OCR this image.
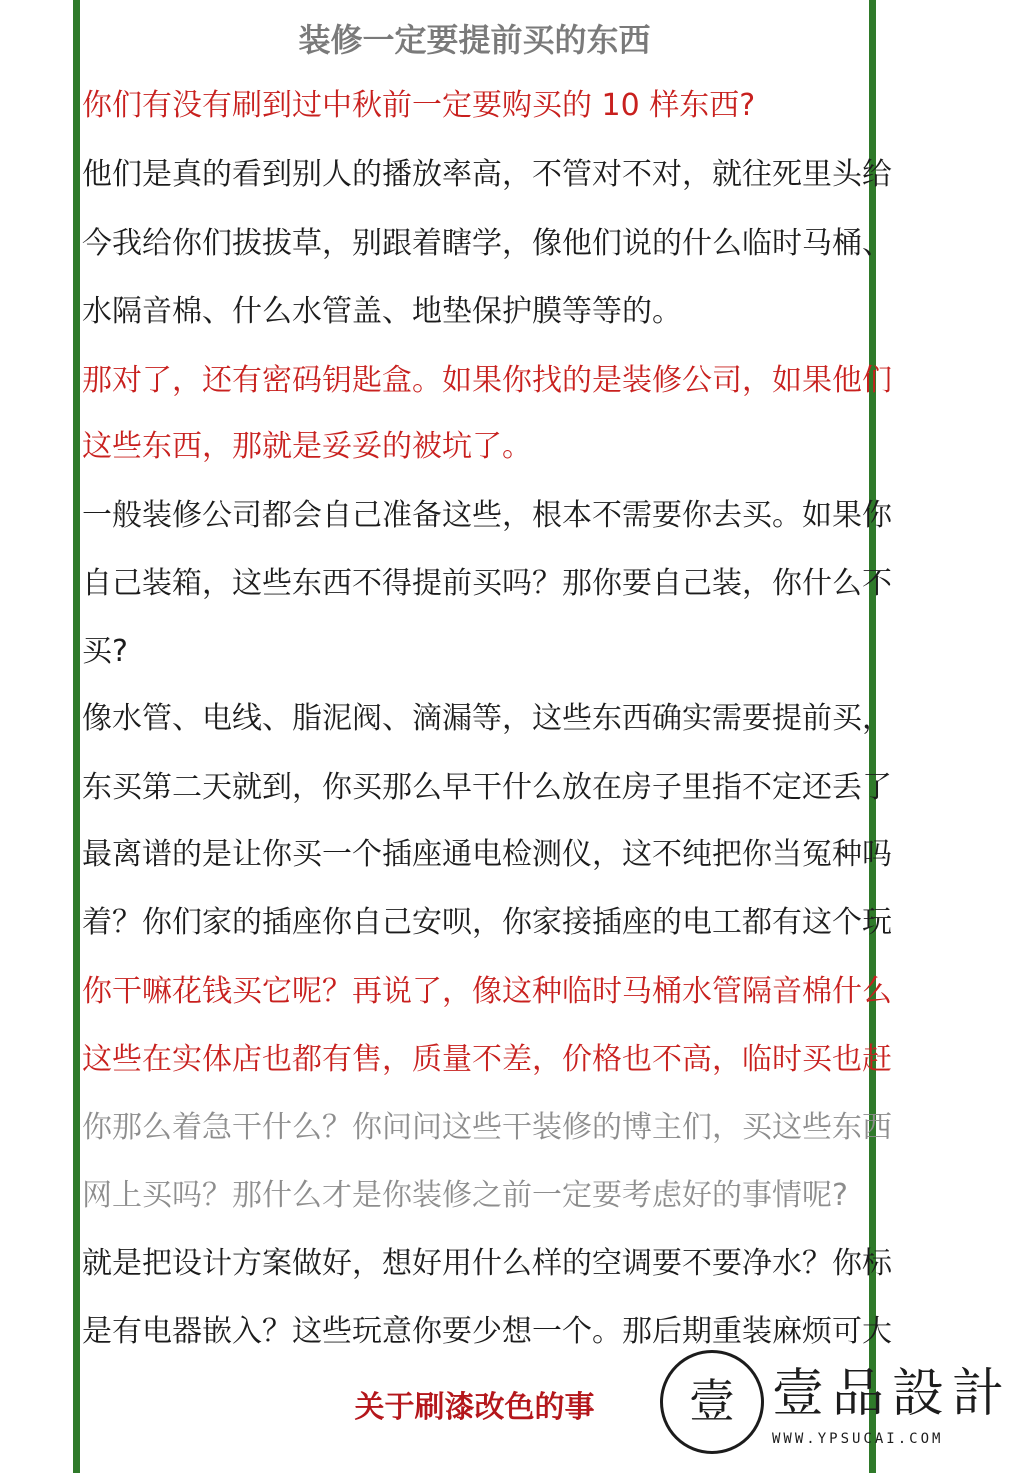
装修一定要提前买的东西
你们有没有刷到过中秋前一定要购买的 10 样东西?
他们是真的看到别人的播放率高，不管对不对，就往死里头给
今我给你们拔拔草，别跟着瞎学，像他们说的什么临时马桶、
水隔音棉、什么水管盖、地垫保护膜等等的。
那对了，还有密码钥匙盒。如果你找的是装修公司，如果他们
这些东西，那就是妥妥的被坑了。
一般装修公司都会自己准备这些，根本不需要你去买。如果你
自己装箱，这些东西不得提前买吗？那你要自己装，你什么不
买?
像水管、电线、脂泥阀、滴漏等，这些东西确实需要提前买，
东买第二天就到，你买那么早干什么放在房子里指不定还丢了
最离谱的是让你买一个插座通电检测仪，这不纯把你当冤种吗
着？你们家的插座你自己安呗，你家接插座的电工都有这个玩
你干嘛花钱买它呢？再说了，像这种临时马桶水管隔音棉什么
这些在实体店也都有售，质量不差，价格也不高，临时买也赶
你那么着急干什么？你问问这些干装修的博主们，买这些东西
网上买吗？那什么才是你装修之前一定要考虑好的事情呢?
就是把设计方案做好，想好用什么样的空调要不要净水？你标
是有电器嵌入？这些玩意你要少想一个。那后期重装麻烦可大
关于刷漆改色的事	壹 壹品設計
WWW.YPSUCAI.COM
